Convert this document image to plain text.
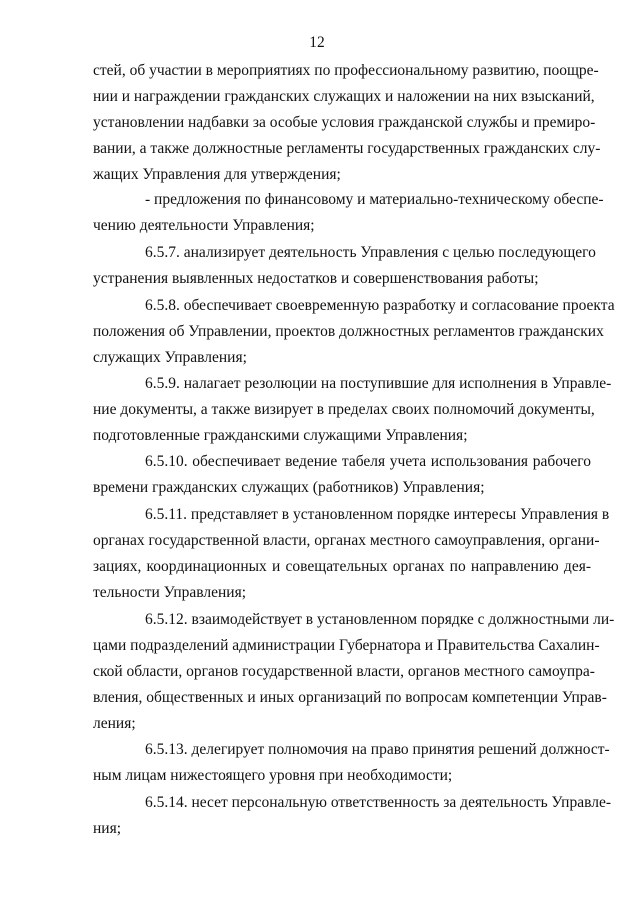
12
стей, об участии в мероприятиях по профессиональному развитию, поощре-
нии и награждении гражданских служащих и наложении на них взысканий,
установлении надбавки за особые условия гражданской службы и премиро-
вании, а также должностные регламенты государственных гражданских слу-
жащих Управления для утверждения;
- предложения по финансовому и материально-техническому обеспе-
чению деятельности Управления;
6.5.7. анализирует деятельность Управления с целью последующего
устранения выявленных недостатков и совершенствования работы;
6.5.8. обеспечивает своевременную разработку и согласование проекта
положения об Управлении, проектов должностных регламентов гражданских
служащих Управления;
6.5.9. налагает резолюции на поступившие для исполнения в Управле-
ние документы, а также визирует в пределах своих полномочий документы,
подготовленные гражданскими служащими Управления;
6.5.10. обеспечивает ведение табеля учета использования рабочего
времени гражданских служащих (работников) Управления;
6.5.11. представляет в установленном порядке интересы Управления в
органах государственной власти, органах местного самоуправления, органи-
зациях, координационных и совещательных органах по направлению дея-
тельности Управления;
6.5.12. взаимодействует в установленном порядке с должностными ли-
цами подразделений администрации Губернатора и Правительства Сахалин-
ской области, органов государственной власти, органов местного самоупра-
вления, общественных и иных организаций по вопросам компетенции Управ-
ления;
6.5.13. делегирует полномочия на право принятия решений должност-
ным лицам нижестоящего уровня при необходимости;
6.5.14. несет персональную ответственность за деятельность Управле-
ния;
